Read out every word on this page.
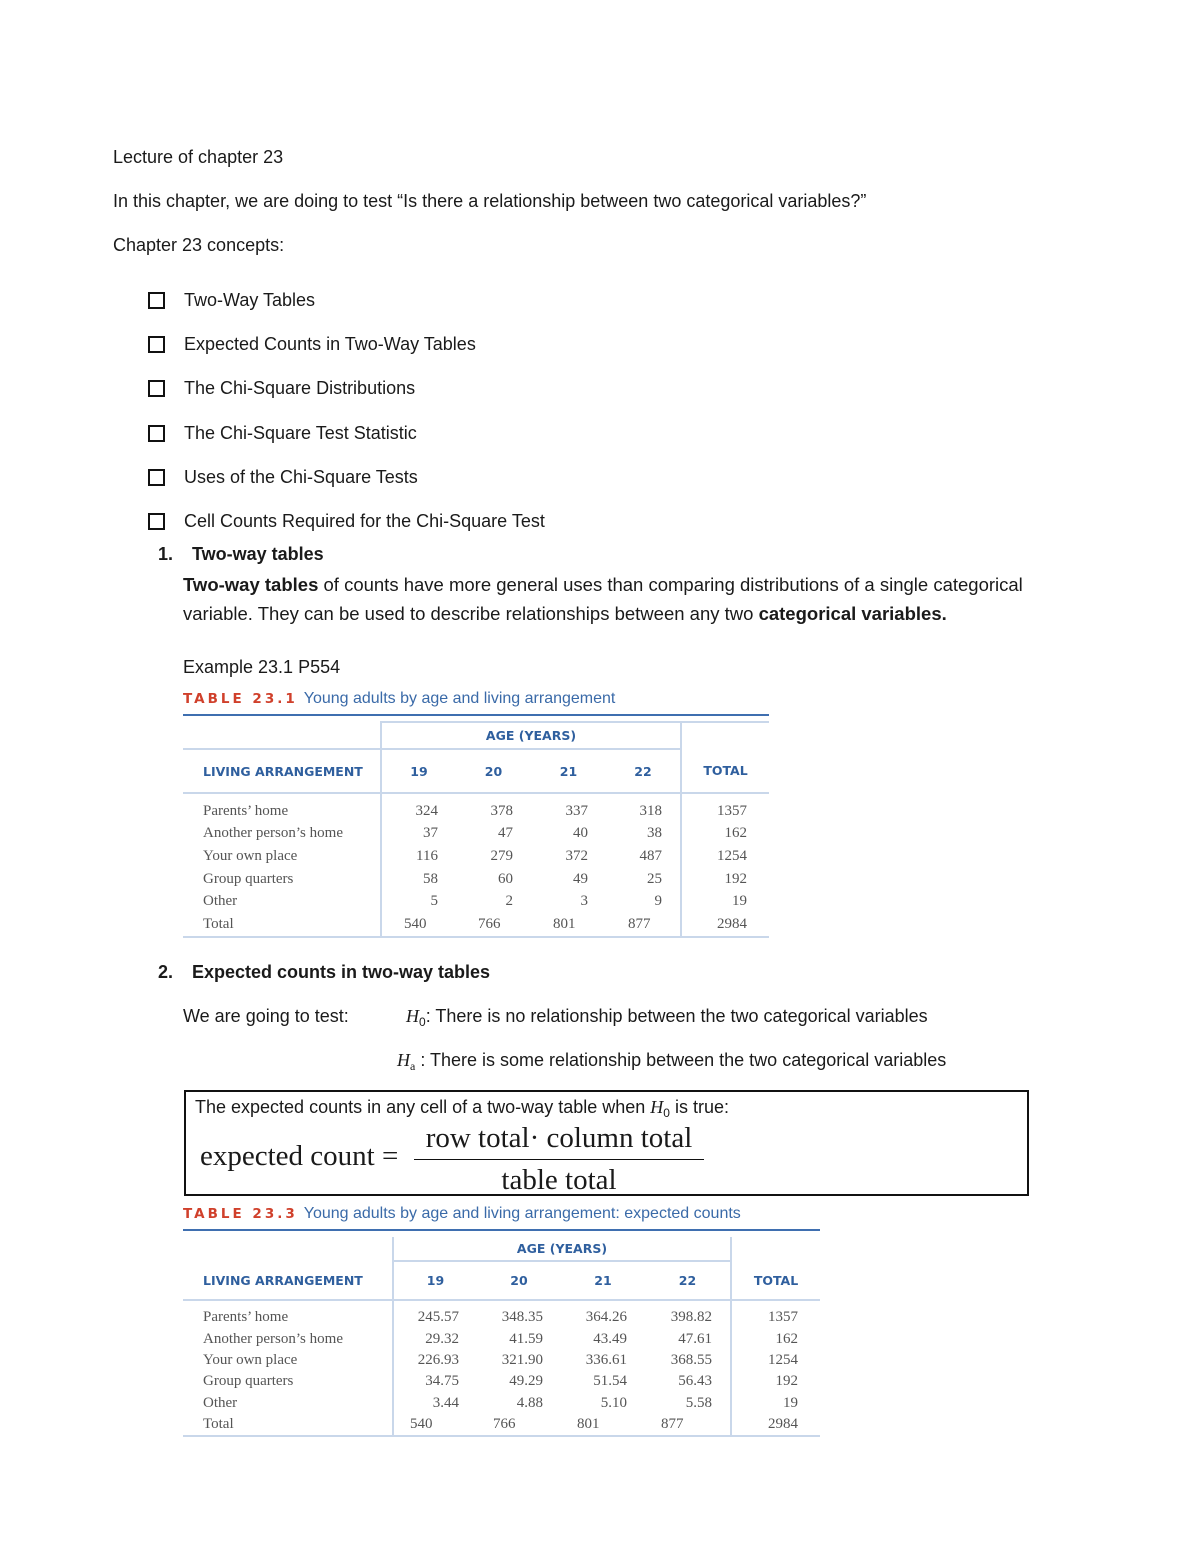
Lecture of chapter 23
In this chapter, we are doing to test “Is there a relationship between two categorical variables?”
Chapter 23 concepts:
Two-Way Tables
Expected Counts in Two-Way Tables
The Chi-Square Distributions
The Chi-Square Test Statistic
Uses of the Chi-Square Tests
Cell Counts Required for the Chi-Square Test
1. Two-way tables
Two-way tables of counts have more general uses than comparing distributions of a single categorical variable. They can be used to describe relationships between any two categorical variables.
Example 23.1 P554
TABLE 23.1 Young adults by age and living arrangement

	AGE (YEARS)				
LIVING ARRANGEMENT	19	20	21	22	TOTAL
Parents’ home	324	378	337	318	1357
Another person’s home	37	47	40	38	162
Your own place	116	279	372	487	1254
Group quarters	58	60	49	25	192
Other	5	2	3	9	19
Total	540	766	801	877	2984
2. Expected counts in two-way tables
We are going to test:	$H_0$: There is no relationship between the two categorical variables
$H_a$ : There is some relationship between the two categorical variables
The expected counts in any cell of a two-way table when $H_0$ is true:
expected count =
row total· column total
table total
TABLE 23.3 Young adults by age and living arrangement: expected counts

	AGE (YEARS)				
LIVING ARRANGEMENT	19	20	21	22	TOTAL
Parents’ home	245.57	348.35	364.26	398.82	1357
Another person’s home	29.32	41.59	43.49	47.61	162
Your own place	226.93	321.90	336.61	368.55	1254
Group quarters	34.75	49.29	51.54	56.43	192
Other	3.44	4.88	5.10	5.58	19
Total	540	766	801	877	2984
